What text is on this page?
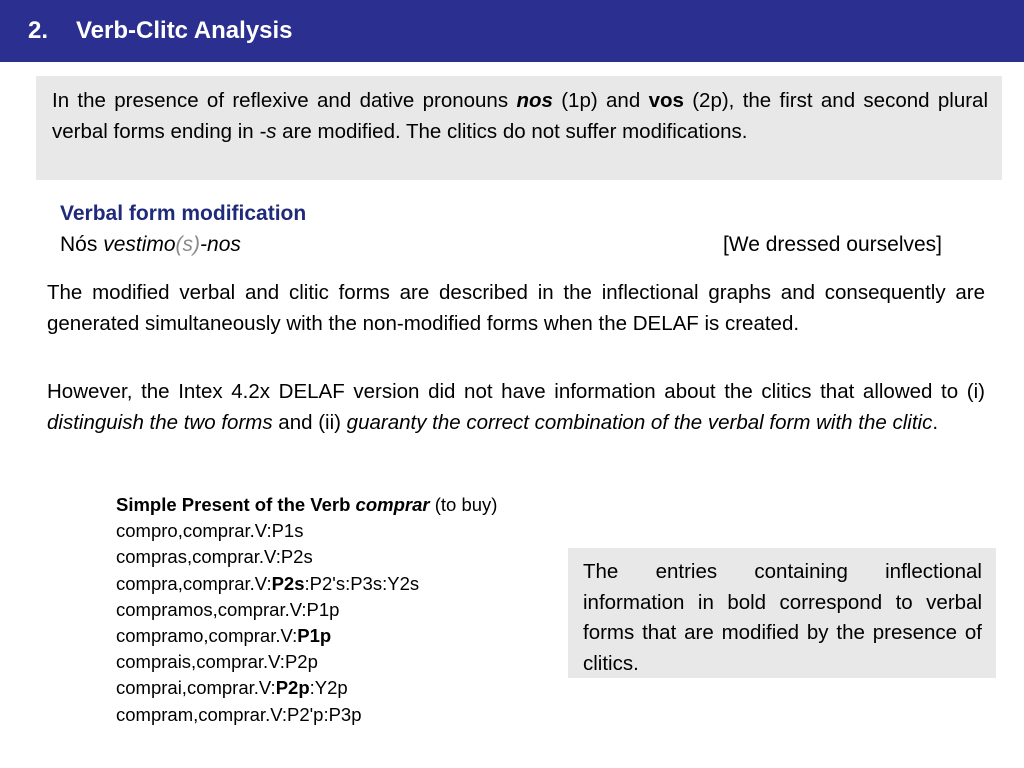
2. Verb-Clitc Analysis

In the presence of reflexive and dative pronouns nos (1p) and vos (2p), the first and second plural verbal forms ending in -s are modified. The clitics do not suffer modifications.

Verbal form modification
Nós vestimo(s)-nos	[We dressed ourselves]

The modified verbal and clitic forms are described in the inflectional graphs and consequently are generated simultaneously with the non-modified forms when the DELAF is created.

However, the Intex 4.2x DELAF version did not have information about the clitics that allowed to (i) distinguish the two forms and (ii) guaranty the correct combination of the verbal form with the clitic.

Simple Present of the Verb comprar (to buy)
compro,comprar.V:P1s
compras,comprar.V:P2s
compra,comprar.V:P2s:P2's:P3s:Y2s
compramos,comprar.V:P1p
compramo,comprar.V:P1p
comprais,comprar.V:P2p
comprai,comprar.V:P2p:Y2p
compram,comprar.V:P2'p:P3p

The entries containing inflectional information in bold correspond to verbal forms that are modified by the presence of clitics.
